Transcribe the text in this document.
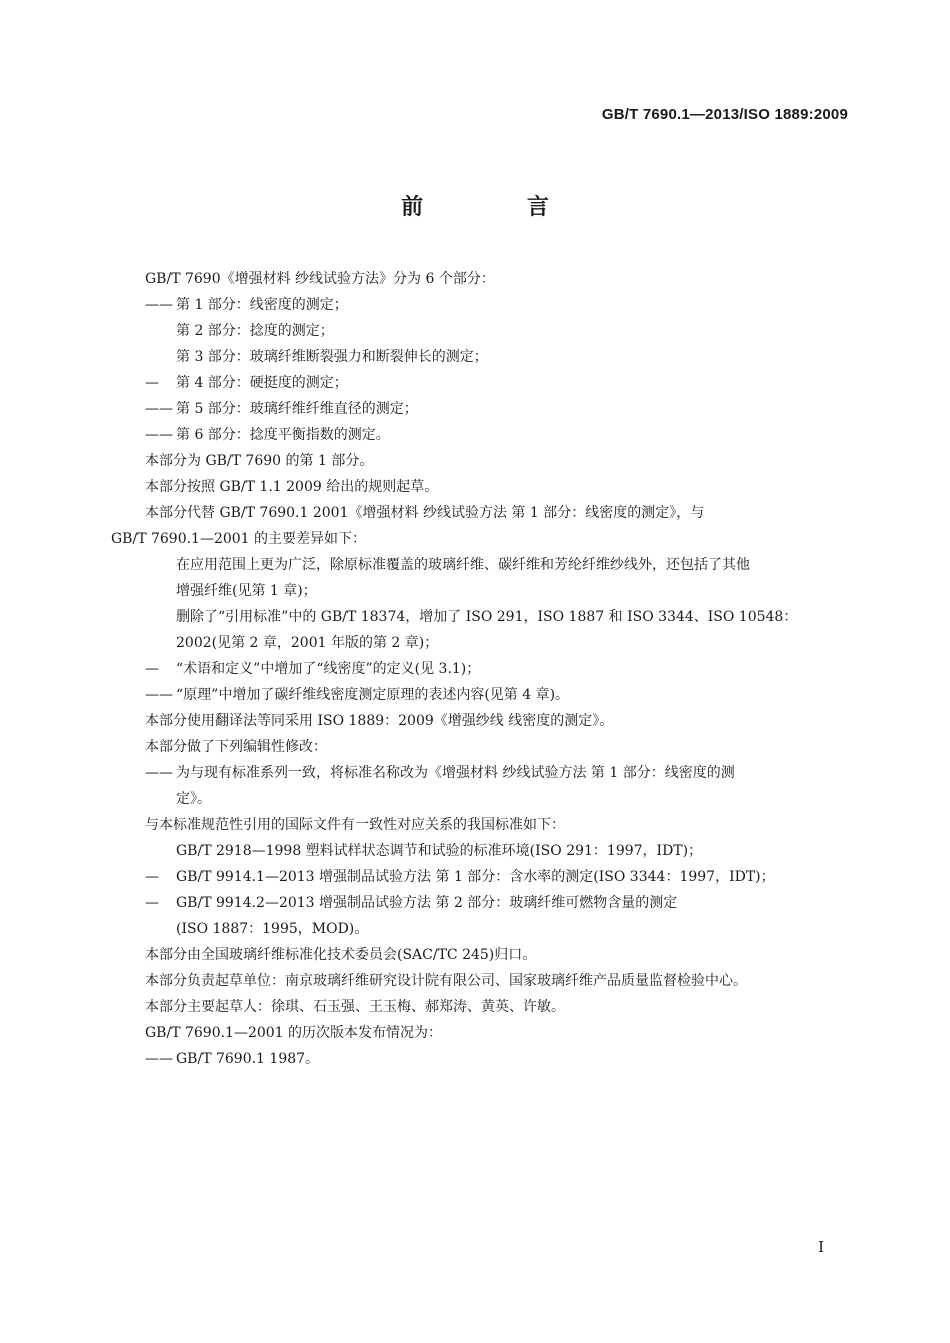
GB/T 7690.1—2013/ISO 1889:2009
前 言
GB/T 7690《增强材料 纱线试验方法》分为 6 个部分：
—— 第 1 部分：线密度的测定；
第 2 部分：捻度的测定；
第 3 部分：玻璃纤维断裂强力和断裂伸长的测定；
— 第 4 部分：硬挺度的测定；
—— 第 5 部分：玻璃纤维纤维直径的测定；
—— 第 6 部分：捻度平衡指数的测定。
本部分为 GB/T 7690 的第 1 部分。
本部分按照 GB/T 1.1 2009 给出的规则起草。
本部分代替 GB/T 7690.1 2001《增强材料 纱线试验方法 第 1 部分：线密度的测定》，与
GB/T 7690.1—2001 的主要差异如下：
在应用范围上更为广泛，除原标准覆盖的玻璃纤维、碳纤维和芳纶纤维纱线外，还包括了其他
增强纤维(见第 1 章)；
删除了“引用标准”中的 GB/T 18374，增加了 ISO 291，ISO 1887 和 ISO 3344、ISO 10548：
2002(见第 2 章，2001 年版的第 2 章)；
— “术语和定义”中增加了“线密度”的定义(见 3.1)；
—— “原理”中增加了碳纤维线密度测定原理的表述内容(见第 4 章)。
本部分使用翻译法等同采用 ISO 1889：2009《增强纱线 线密度的测定》。
本部分做了下列编辑性修改：
—— 为与现有标准系列一致，将标准名称改为《增强材料 纱线试验方法 第 1 部分：线密度的测
定》。
与本标准规范性引用的国际文件有一致性对应关系的我国标准如下：
GB/T 2918—1998 塑料试样状态调节和试验的标准环境(ISO 291：1997，IDT)；
— GB/T 9914.1—2013 增强制品试验方法 第 1 部分：含水率的测定(ISO 3344：1997，IDT)；
— GB/T 9914.2—2013 增强制品试验方法 第 2 部分：玻璃纤维可燃物含量的测定
(ISO 1887：1995，MOD)。
本部分由全国玻璃纤维标准化技术委员会(SAC/TC 245)归口。
本部分负责起草单位：南京玻璃纤维研究设计院有限公司、国家玻璃纤维产品质量监督检验中心。
本部分主要起草人：徐琪、石玉强、王玉梅、郝郑涛、黄英、许敏。
GB/T 7690.1—2001 的历次版本发布情况为：
—— GB/T 7690.1 1987。
I
